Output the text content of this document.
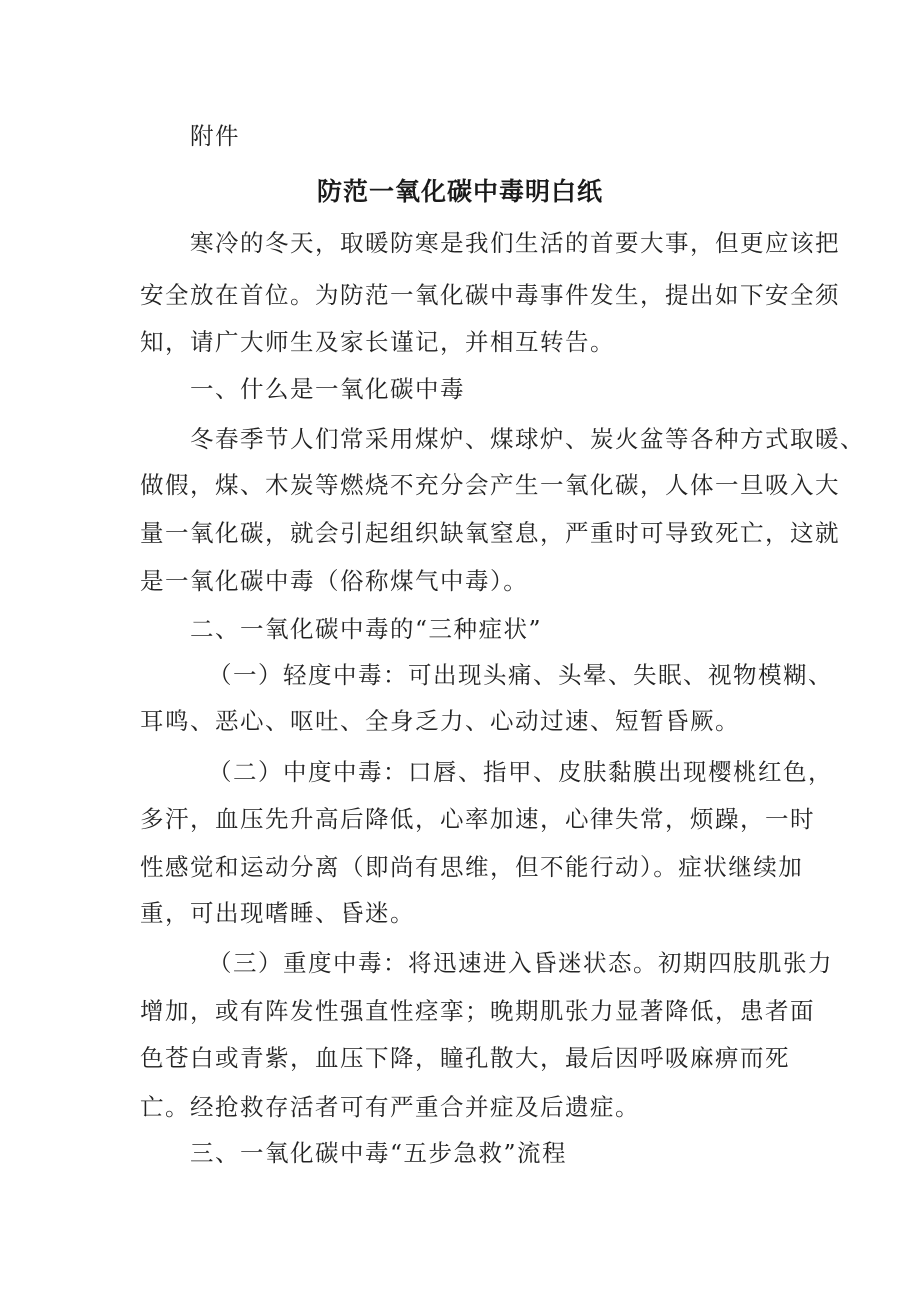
附件
防范一氧化碳中毒明白纸
寒冷的冬天，取暖防寒是我们生活的首要大事，但更应该把
安全放在首位。为防范一氧化碳中毒事件发生，提出如下安全须
知，请广大师生及家长谨记，并相互转告。
一、什么是一氧化碳中毒
冬春季节人们常采用煤炉、煤球炉、炭火盆等各种方式取暖、
做假，煤、木炭等燃烧不充分会产生一氧化碳，人体一旦吸入大
量一氧化碳，就会引起组织缺氧窒息，严重时可导致死亡，这就
是一氧化碳中毒（俗称煤气中毒）。
二、一氧化碳中毒的“三种症状”
（一）轻度中毒：可出现头痛、头晕、失眠、视物模糊、
耳鸣、恶心、呕吐、全身乏力、心动过速、短暂昏厥。
（二）中度中毒：口唇、指甲、皮肤黏膜出现樱桃红色，
多汗，血压先升高后降低，心率加速，心律失常，烦躁，一时
性感觉和运动分离（即尚有思维，但不能行动）。症状继续加
重，可出现嗜睡、昏迷。
（三）重度中毒：将迅速进入昏迷状态。初期四肢肌张力
增加，或有阵发性强直性痉挛；晚期肌张力显著降低，患者面
色苍白或青紫，血压下降，瞳孔散大，最后因呼吸麻痹而死
亡。经抢救存活者可有严重合并症及后遗症。
三、一氧化碳中毒“五步急救”流程
